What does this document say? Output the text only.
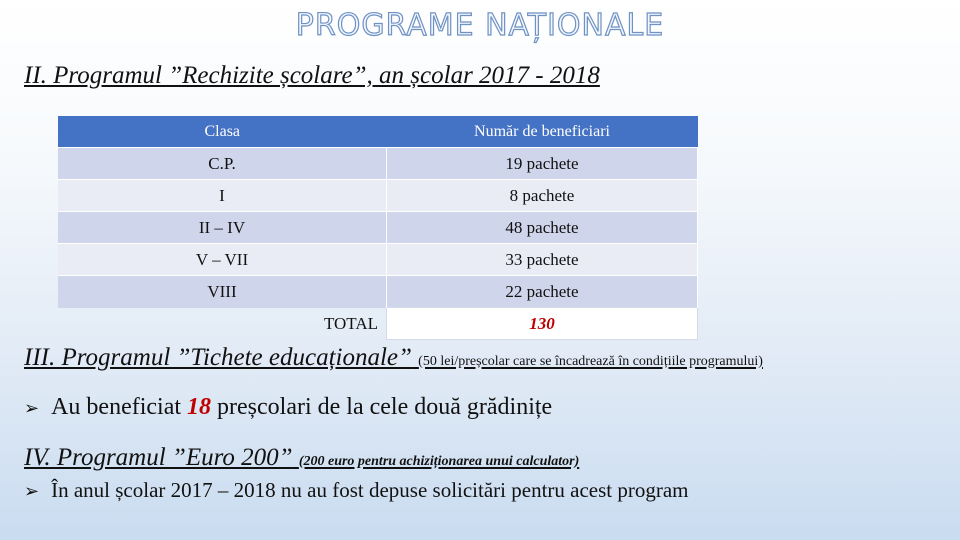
PROGRAME NAȚIONALE
II. Programul ”Rechizite școlare”, an școlar 2017 - 2018
Clasa	Număr de beneficiari
C.P.	19 pachete
I	8 pachete
II – IV	48 pachete
V – VII	33 pachete
VIII	22 pachete
TOTAL	130
III. Programul ”Tichete educaționale” (50 lei/preșcolar care se încadrează în condițiile programului)
➢ Au beneficiat 18 preșcolari de la cele două grădinițe
IV. Programul ”Euro 200” (200 euro pentru achiziționarea unui calculator)
➢ În anul școlar 2017 – 2018 nu au fost depuse solicitări pentru acest program
